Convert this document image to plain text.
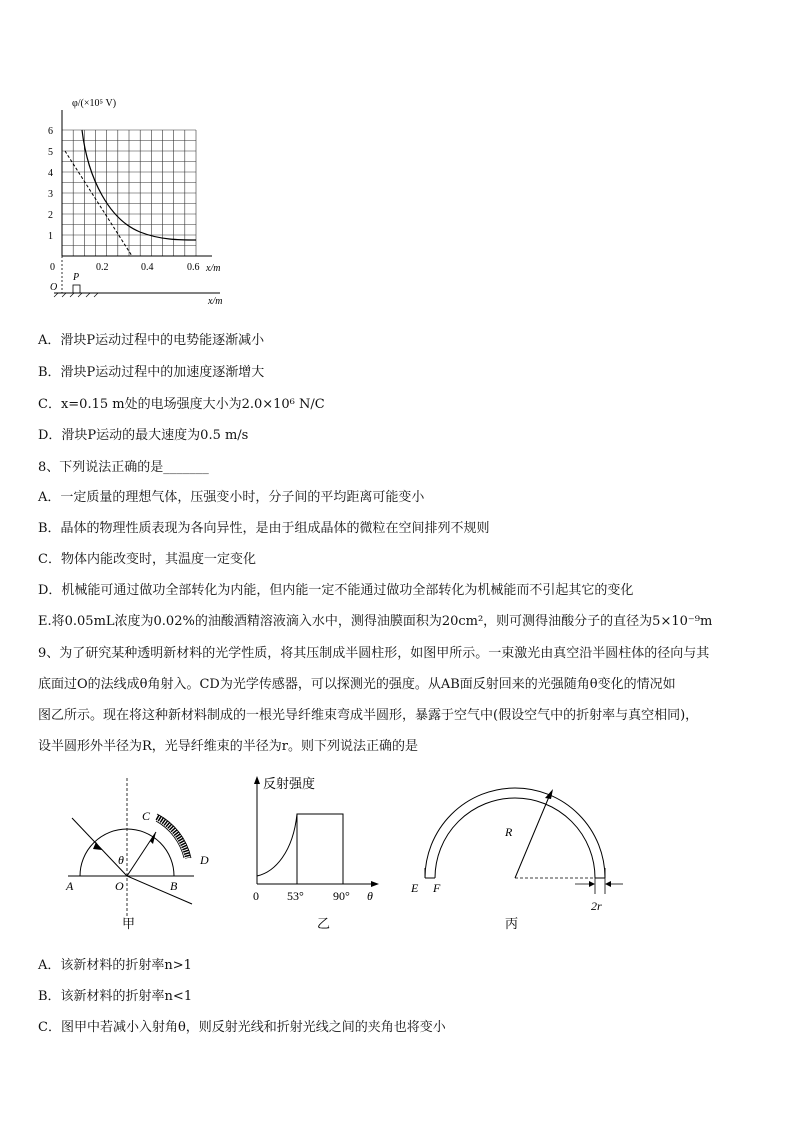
φ/(×10⁵ V)
6
5
4
3
2
1
0	0.2	0.4	0.6 x/m
P
O
x/m
A．滑块P运动过程中的电势能逐渐减小
B．滑块P运动过程中的加速度逐渐增大
C．x=0.15 m处的电场强度大小为2.0×10⁶ N/C
D．滑块P运动的最大速度为0.5 m/s
8、下列说法正确的是_______
A．一定质量的理想气体，压强变小时，分子间的平均距离可能变小
B．晶体的物理性质表现为各向异性，是由于组成晶体的微粒在空间排列不规则
C．物体内能改变时，其温度一定变化
D．机械能可通过做功全部转化为内能，但内能一定不能通过做功全部转化为机械能而不引起其它的变化
E.将0.05mL浓度为0.02%的油酸酒精溶液滴入水中，测得油膜面积为20cm²，则可测得油酸分子的直径为5×10⁻⁹m
9、为了研究某种透明新材料的光学性质，将其压制成半圆柱形，如图甲所示。一束激光由真空沿半圆柱体的径向与其
底面过O的法线成θ角射入。CD为光学传感器，可以探测光的强度。从AB面反射回来的光强随角θ变化的情况如
图乙所示。现在将这种新材料制成的一根光导纤维束弯成半圆形，暴露于空气中(假设空气中的折射率与真空相同)，
设半圆形外半径为R，光导纤维束的半径为r。则下列说法正确的是
A	O	B
C
D
θ
甲
反射强度
0 53° 90° θ
乙
E F
R
2r
丙
A．该新材料的折射率n>1
B．该新材料的折射率n<1
C．图甲中若减小入射角θ，则反射光线和折射光线之间的夹角也将变小
